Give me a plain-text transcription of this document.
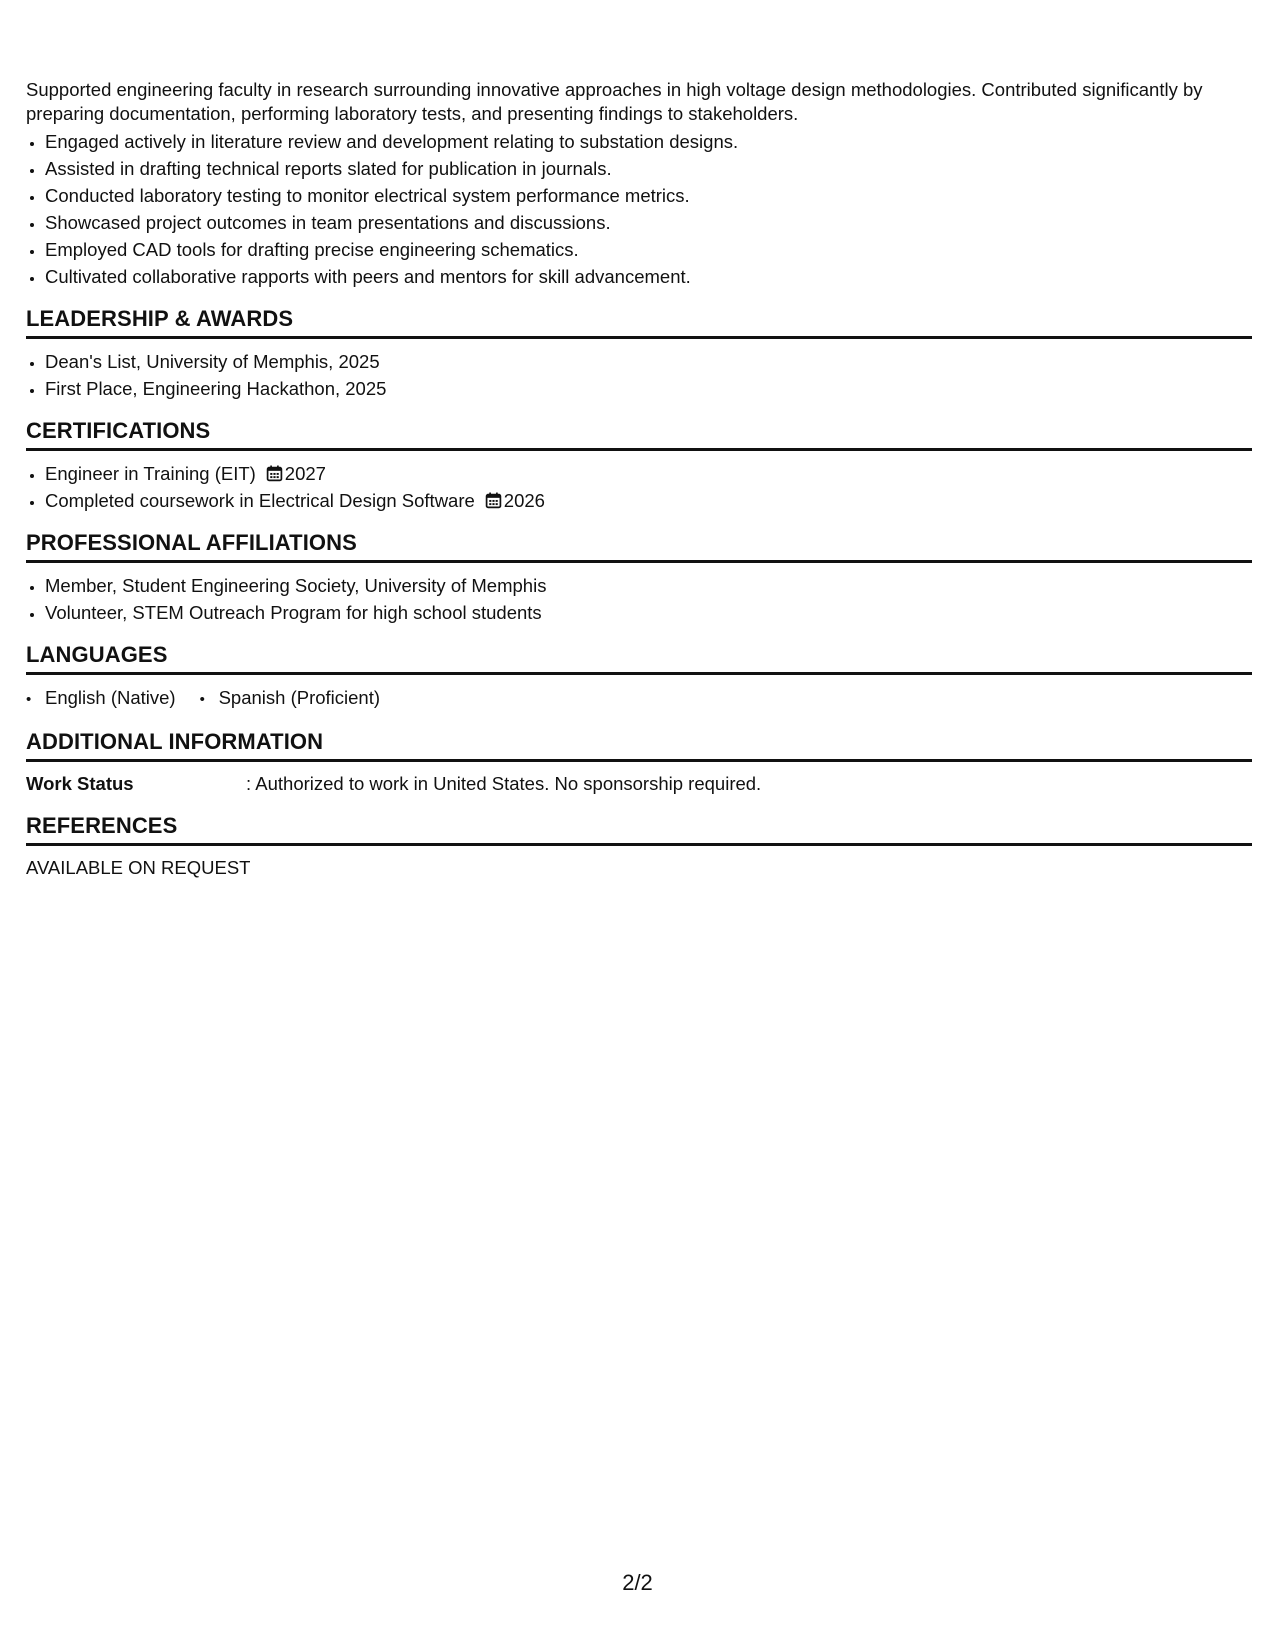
Supported engineering faculty in research surrounding innovative approaches in high voltage design methodologies. Contributed significantly by preparing documentation, performing laboratory tests, and presenting findings to stakeholders.

• Engaged actively in literature review and development relating to substation designs.
• Assisted in drafting technical reports slated for publication in journals.
• Conducted laboratory testing to monitor electrical system performance metrics.
• Showcased project outcomes in team presentations and discussions.
• Employed CAD tools for drafting precise engineering schematics.
• Cultivated collaborative rapports with peers and mentors for skill advancement.
LEADERSHIP & AWARDS
• Dean's List, University of Memphis, 2025
• First Place, Engineering Hackathon, 2025
CERTIFICATIONS
• Engineer in Training (EIT) 2027
• Completed coursework in Electrical Design Software 2026
PROFESSIONAL AFFILIATIONS
• Member, Student Engineering Society, University of Memphis
• Volunteer, STEM Outreach Program for high school students
LANGUAGES
• English (Native)
•	Spanish (Proficient)
ADDITIONAL INFORMATION
Work Status	: Authorized to work in United States. No sponsorship required.
REFERENCES
AVAILABLE ON REQUEST
2/2
